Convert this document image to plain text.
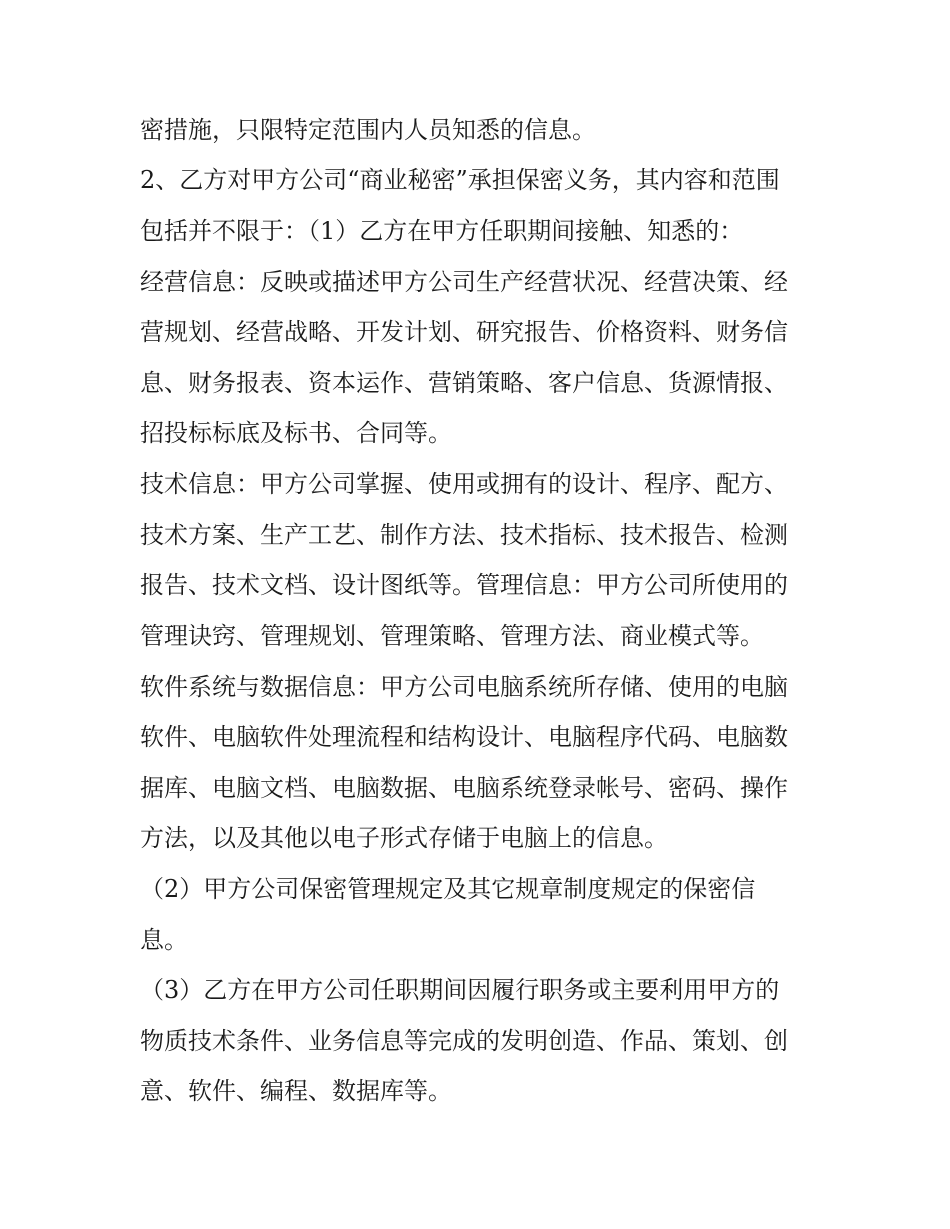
密措施，只限特定范围内人员知悉的信息。
2、乙方对甲方公司“商业秘密”承担保密义务，其内容和范围
包括并不限于：（1）乙方在甲方任职期间接触、知悉的：
经营信息：反映或描述甲方公司生产经营状况、经营决策、经
营规划、经营战略、开发计划、研究报告、价格资料、财务信
息、财务报表、资本运作、营销策略、客户信息、货源情报、
招投标标底及标书、合同等。
技术信息：甲方公司掌握、使用或拥有的设计、程序、配方、
技术方案、生产工艺、制作方法、技术指标、技术报告、检测
报告、技术文档、设计图纸等。管理信息：甲方公司所使用的
管理诀窍、管理规划、管理策略、管理方法、商业模式等。
软件系统与数据信息：甲方公司电脑系统所存储、使用的电脑
软件、电脑软件处理流程和结构设计、电脑程序代码、电脑数
据库、电脑文档、电脑数据、电脑系统登录帐号、密码、操作
方法，以及其他以电子形式存储于电脑上的信息。
（2）甲方公司保密管理规定及其它规章制度规定的保密信
息。
（3）乙方在甲方公司任职期间因履行职务或主要利用甲方的
物质技术条件、业务信息等完成的发明创造、作品、策划、创
意、软件、编程、数据库等。
